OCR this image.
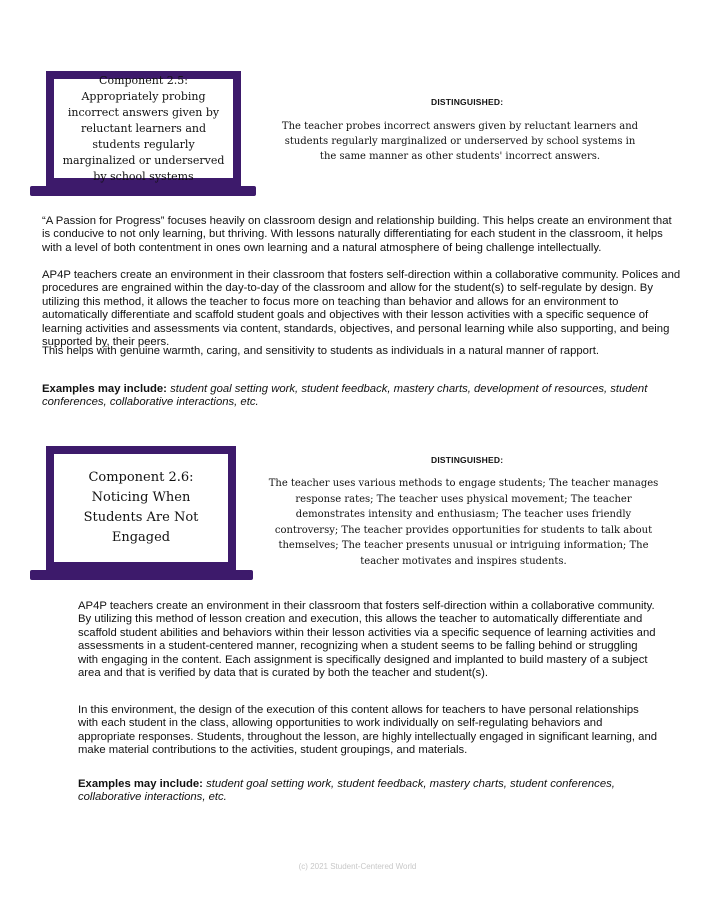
Component 2.5: Appropriately probing incorrect answers given by reluctant learners and students regularly marginalized or underserved by school systems
DISTINGUISHED:
The teacher probes incorrect answers given by reluctant learners and students regularly marginalized or underserved by school systems in the same manner as other students' incorrect answers.
“A Passion for Progress” focuses heavily on classroom design and relationship building. This helps create an environment that is conducive to not only learning, but thriving. With lessons naturally differentiating for each student in the classroom, it helps with a level of both contentment in ones own learning and a natural atmosphere of being challenge intellectually.
AP4P teachers create an environment in their classroom that fosters self-direction within a collaborative community. Polices and procedures are engrained within the day-to-day of the classroom and allow for the student(s) to self-regulate by design. By utilizing this method, it allows the teacher to focus more on teaching than behavior and allows for an environment to automatically differentiate and scaffold student goals and objectives with their lesson activities with a specific sequence of learning activities and assessments via content, standards, objectives, and personal learning while also supporting, and being supported by, their peers.
This helps with genuine warmth, caring, and sensitivity to students as individuals in a natural manner of rapport.
Examples may include: student goal setting work, student feedback, mastery charts, development of resources, student conferences, collaborative interactions, etc.
Component 2.6: Noticing When Students Are Not Engaged
DISTINGUISHED:
The teacher uses various methods to engage students; The teacher manages response rates; The teacher uses physical movement; The teacher demonstrates intensity and enthusiasm; The teacher uses friendly controversy; The teacher provides opportunities for students to talk about themselves; The teacher presents unusual or intriguing information; The teacher motivates and inspires students.
AP4P teachers create an environment in their classroom that fosters self-direction within a collaborative community. By utilizing this method of lesson creation and execution, this allows the teacher to automatically differentiate and scaffold student abilities and behaviors within their lesson activities via a specific sequence of learning activities and assessments in a student-centered manner, recognizing when a student seems to be falling behind or struggling with engaging in the content. Each assignment is specifically designed and implanted to build mastery of a subject area and that is verified by data that is curated by both the teacher and student(s).
In this environment, the design of the execution of this content allows for teachers to have personal relationships with each student in the class, allowing opportunities to work individually on self-regulating behaviors and appropriate responses. Students, throughout the lesson, are highly intellectually engaged in significant learning, and make material contributions to the activities, student groupings, and materials.
Examples may include: student goal setting work, student feedback, mastery charts, student conferences, collaborative interactions, etc.
(c) 2021 Student-Centered World
